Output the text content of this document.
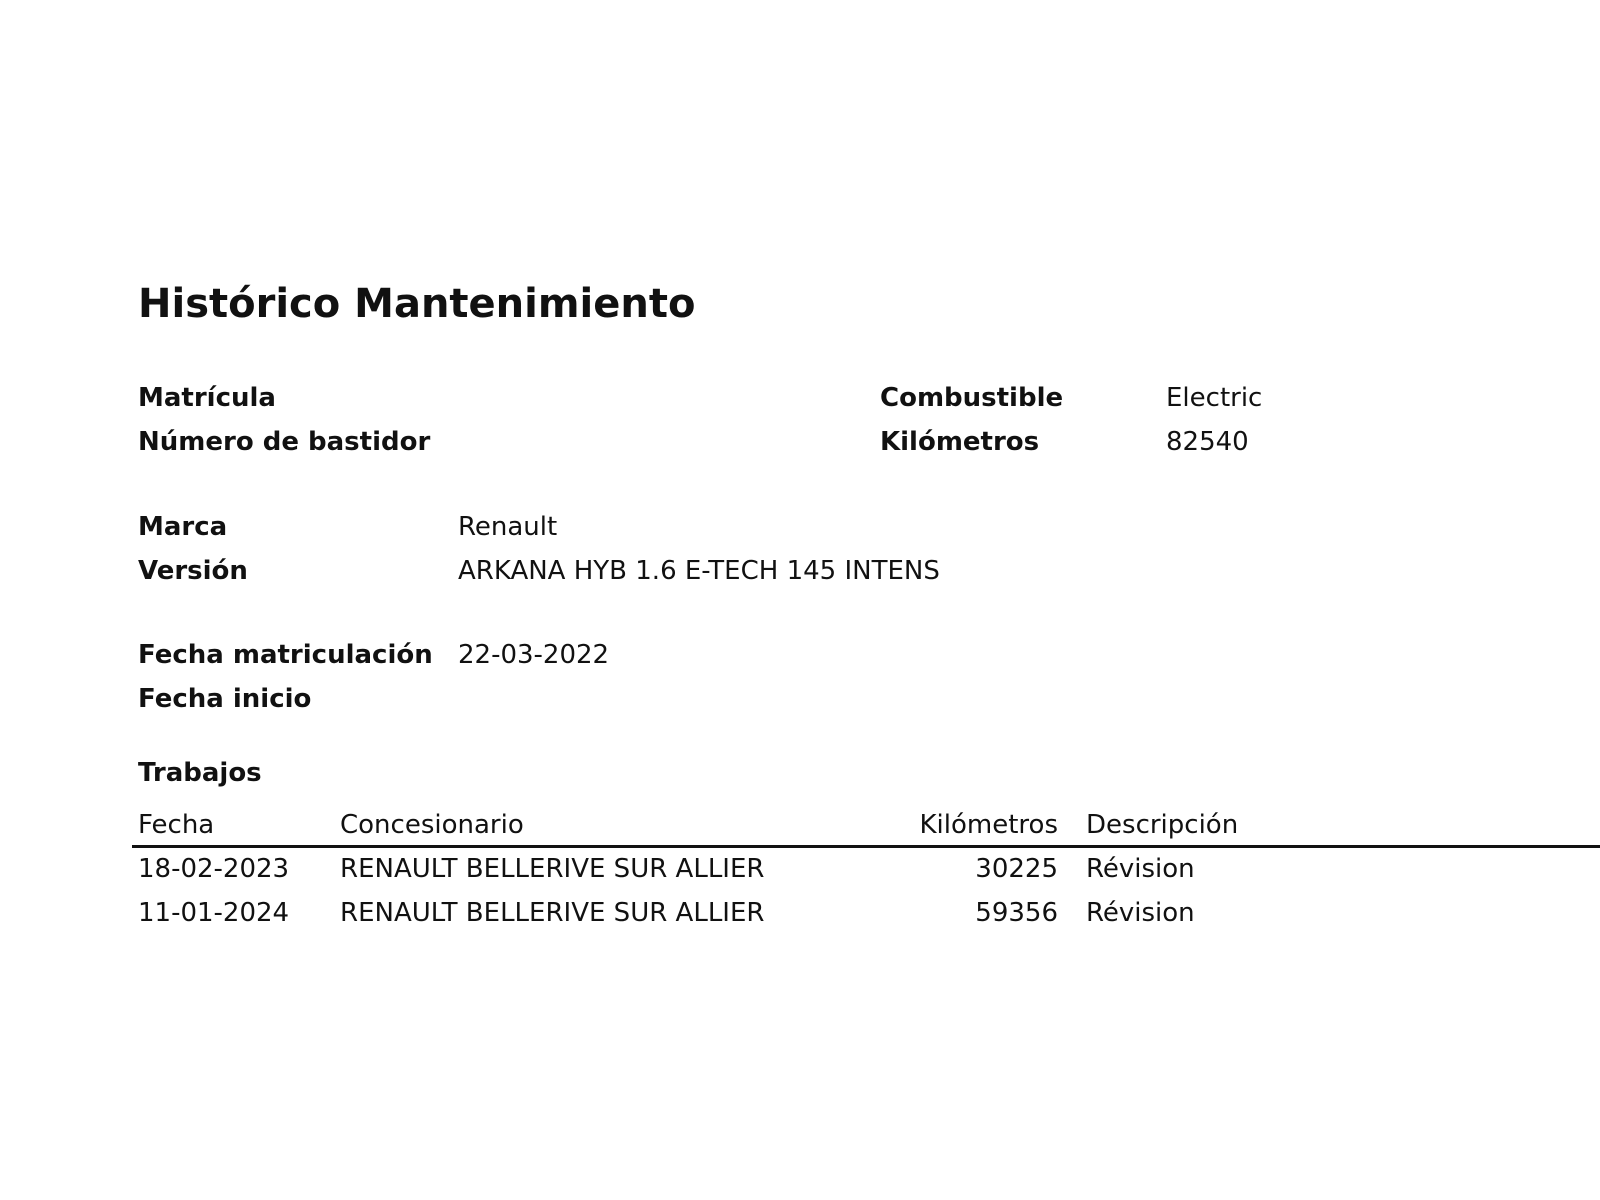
Histórico Mantenimiento
Matrícula
Número de bastidor
Combustible	Electric
Kilómetros	82540
Marca	Renault
Versión	ARKANA HYB 1.6 E-TECH 145 INTENS
Fecha matriculación 22-03-2022
Fecha inicio
Trabajos
Fecha	Concesionario	Kilómetros Descripción
18-02-2023 RENAULT BELLERIVE SUR ALLIER	30225 Révision
11-01-2024 RENAULT BELLERIVE SUR ALLIER	59356 Révision
